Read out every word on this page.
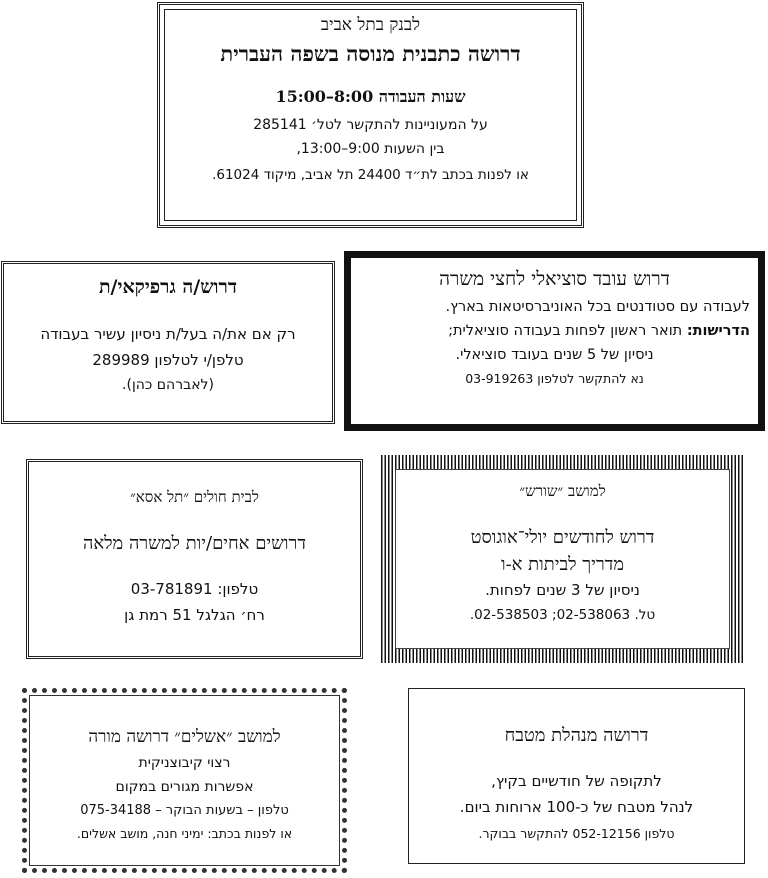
לבנק בתל אביב

דרושה כתבנית מנוסה בשפה העברית

שעות העבודה 8:00–15:00

על המעוניינות להתקשר לטל׳ 285141

בין השעות 9:00–13:00,

או לפנות בכתב לת״ד 24400 תל אביב, מיקוד 61024.

דרוש/ה גרפיקאי/ת

רק אם את/ה בעל/ת ניסיון עשיר בעבודה

טלפן/י לטלפון 289989

(לאברהם כהן).

דרוש עובד סוציאלי לחצי משרה

לעבודה עם סטודנטים בכל האוניברסיטאות בארץ.

הדרישות: תואר ראשון לפחות בעבודה סוציאלית;

ניסיון של 5 שנים בעובד סוציאלי.

נא להתקשר לטלפון 03-919263

לבית חולים ״תל אסא״

דרושים אחים/יות למשרה מלאה

טלפון: 03-781891

רח׳ הגלגל 51 רמת גן

למושב ״שורש״

דרוש לחודשים יולי־אוגוסט

מדריך לביתות א-ו

ניסיון של 3 שנים לפחות.

טל. 02-538063; 02-538503.

למושב ״אשלים״ דרושה מורה

רצוי קיבוצניקית

אפשרות מגורים במקום

טלפון – בשעות הבוקר – 075-34188

או לפנות בכתב: ימיני חנה, מושב אשלים.

דרושה מנהלת מטבח

לתקופה של חודשיים בקיץ,

לנהל מטבח של כ-100 ארוחות ביום.

טלפון 052-12156 להתקשר בבוקר.
